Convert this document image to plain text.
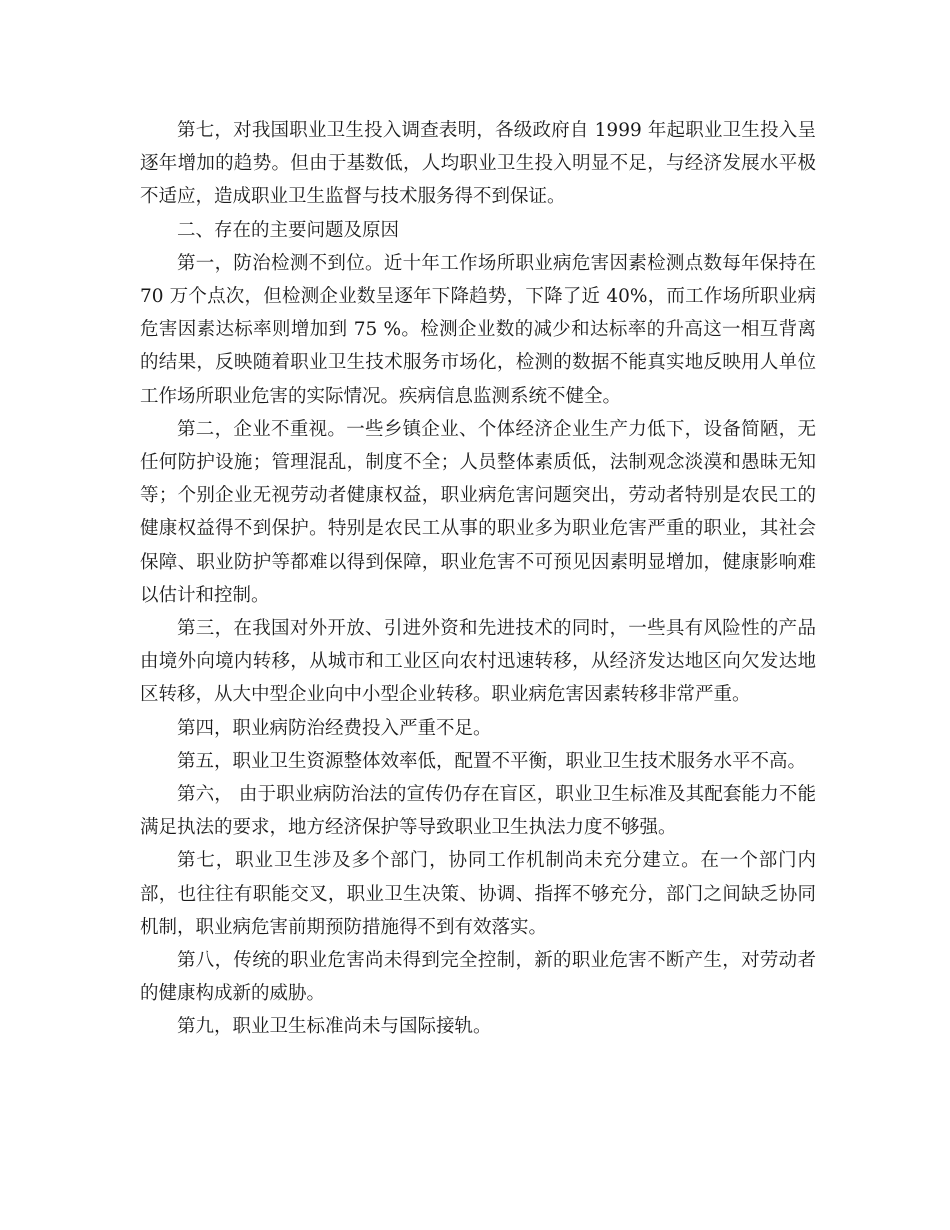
第七，对我国职业卫生投入调查表明，各级政府自 1999 年起职业卫生投入呈逐年增加的趋势。但由于基数低，人均职业卫生投入明显不足，与经济发展水平极不适应，造成职业卫生监督与技术服务得不到保证。

二、存在的主要问题及原因

第一，防治检测不到位。近十年工作场所职业病危害因素检测点数每年保持在 70 万个点次，但检测企业数呈逐年下降趋势，下降了近 40%，而工作场所职业病危害因素达标率则增加到 75 %。检测企业数的减少和达标率的升高这一相互背离的结果，反映随着职业卫生技术服务市场化，检测的数据不能真实地反映用人单位工作场所职业危害的实际情况。疾病信息监测系统不健全。

第二，企业不重视。一些乡镇企业、个体经济企业生产力低下，设备简陋，无任何防护设施；管理混乱，制度不全；人员整体素质低，法制观念淡漠和愚昧无知等；个别企业无视劳动者健康权益，职业病危害问题突出，劳动者特别是农民工的健康权益得不到保护。特别是农民工从事的职业多为职业危害严重的职业，其社会保障、职业防护等都难以得到保障，职业危害不可预见因素明显增加，健康影响难以估计和控制。

第三，在我国对外开放、引进外资和先进技术的同时，一些具有风险性的产品由境外向境内转移，从城市和工业区向农村迅速转移，从经济发达地区向欠发达地区转移，从大中型企业向中小型企业转移。职业病危害因素转移非常严重。

第四，职业病防治经费投入严重不足。

第五，职业卫生资源整体效率低，配置不平衡，职业卫生技术服务水平不高。

第六， 由于职业病防治法的宣传仍存在盲区，职业卫生标准及其配套能力不能满足执法的要求，地方经济保护等导致职业卫生执法力度不够强。

第七，职业卫生涉及多个部门，协同工作机制尚未充分建立。在一个部门内部，也往往有职能交叉，职业卫生决策、协调、指挥不够充分，部门之间缺乏协同机制，职业病危害前期预防措施得不到有效落实。

第八，传统的职业危害尚未得到完全控制，新的职业危害不断产生，对劳动者的健康构成新的威胁。

第九，职业卫生标准尚未与国际接轨。
